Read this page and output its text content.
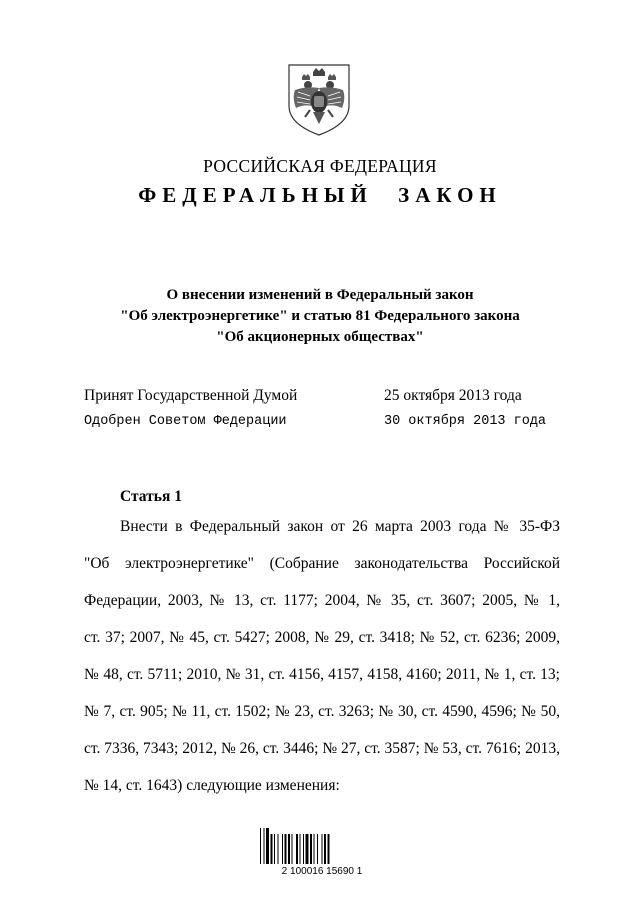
РОССИЙСКАЯ ФЕДЕРАЦИЯ
ФЕДЕРАЛЬНЫЙ ЗАКОН
О внесении изменений в Федеральный закон
"Об электроэнергетике" и статью 81 Федерального закона
"Об акционерных обществах"
Принят Государственной Думой	25 октября 2013 года
Одобрен Советом Федерации	30 октября 2013 года
Статья 1
Внести в Федеральный закон от 26 марта 2003 года № 35-ФЗ
"Об электроэнергетике" (Собрание законодательства Российской
Федерации, 2003, № 13, ст. 1177; 2004, № 35, ст. 3607; 2005, № 1,
ст. 37; 2007, № 45, ст. 5427; 2008, № 29, ст. 3418; № 52, ст. 6236; 2009,
№ 48, ст. 5711; 2010, № 31, ст. 4156, 4157, 4158, 4160; 2011, № 1, ст. 13;
№ 7, ст. 905; № 11, ст. 1502; № 23, ст. 3263; № 30, ст. 4590, 4596; № 50,
ст. 7336, 7343; 2012, № 26, ст. 3446; № 27, ст. 3587; № 53, ст. 7616; 2013,
№ 14, ст. 1643) следующие изменения:
2 100016 15690 1
